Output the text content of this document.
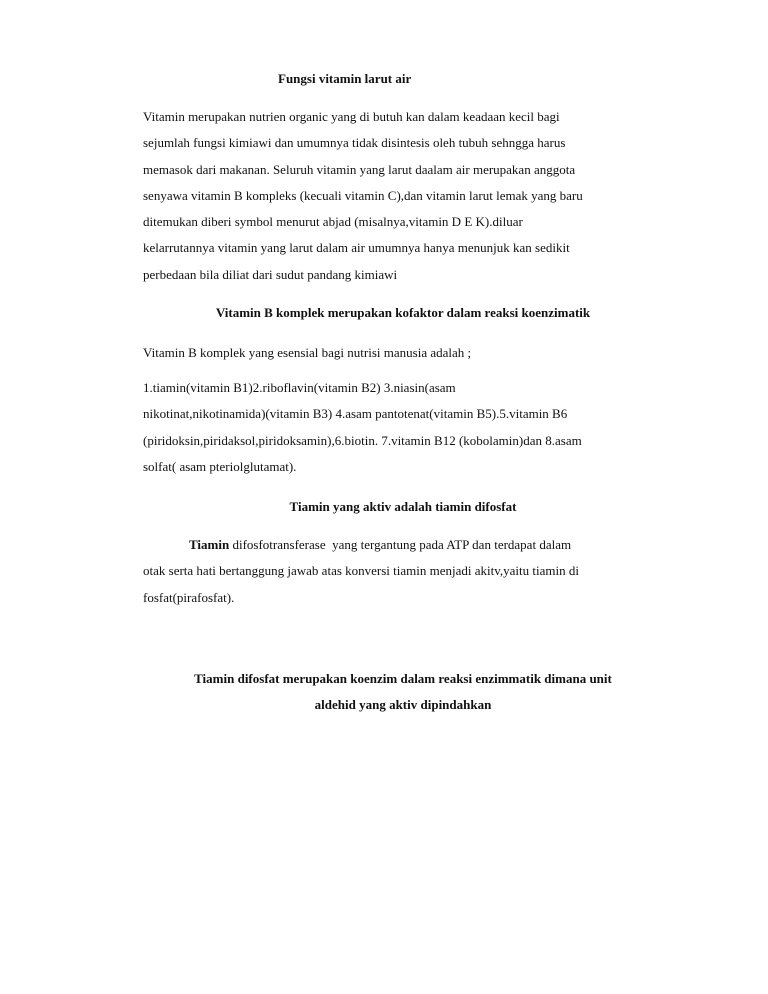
Fungsi vitamin larut air

Vitamin merupakan nutrien organic yang di butuh kan dalam keadaan kecil bagi
sejumlah fungsi kimiawi dan umumnya tidak disintesis oleh tubuh sehngga harus
memasok dari makanan. Seluruh vitamin yang larut daalam air merupakan anggota
senyawa vitamin B kompleks (kecuali vitamin C),dan vitamin larut lemak yang baru
ditemukan diberi symbol menurut abjad (misalnya,vitamin D E K).diluar
kelarrutannya vitamin yang larut dalam air umumnya hanya menunjuk kan sedikit
perbedaan bila diliat dari sudut pandang kimiawi

Vitamin B komplek merupakan kofaktor dalam reaksi koenzimatik

Vitamin B komplek yang esensial bagi nutrisi manusia adalah ;

1.tiamin(vitamin B1)2.riboflavin(vitamin B2) 3.niasin(asam
nikotinat,nikotinamida)(vitamin B3) 4.asam pantotenat(vitamin B5).5.vitamin B6
(piridoksin,piridaksol,piridoksamin),6.biotin. 7.vitamin B12 (kobolamin)dan 8.asam
solfat( asam pteriolglutamat).

Tiamin yang aktiv adalah tiamin difosfat

Tiamin difosfotransferase  yang tergantung pada ATP dan terdapat dalam
otak serta hati bertanggung jawab atas konversi tiamin menjadi akitv,yaitu tiamin di
fosfat(pirafosfat).

Tiamin difosfat merupakan koenzim dalam reaksi enzimmatik dimana unit
aldehid yang aktiv dipindahkan
